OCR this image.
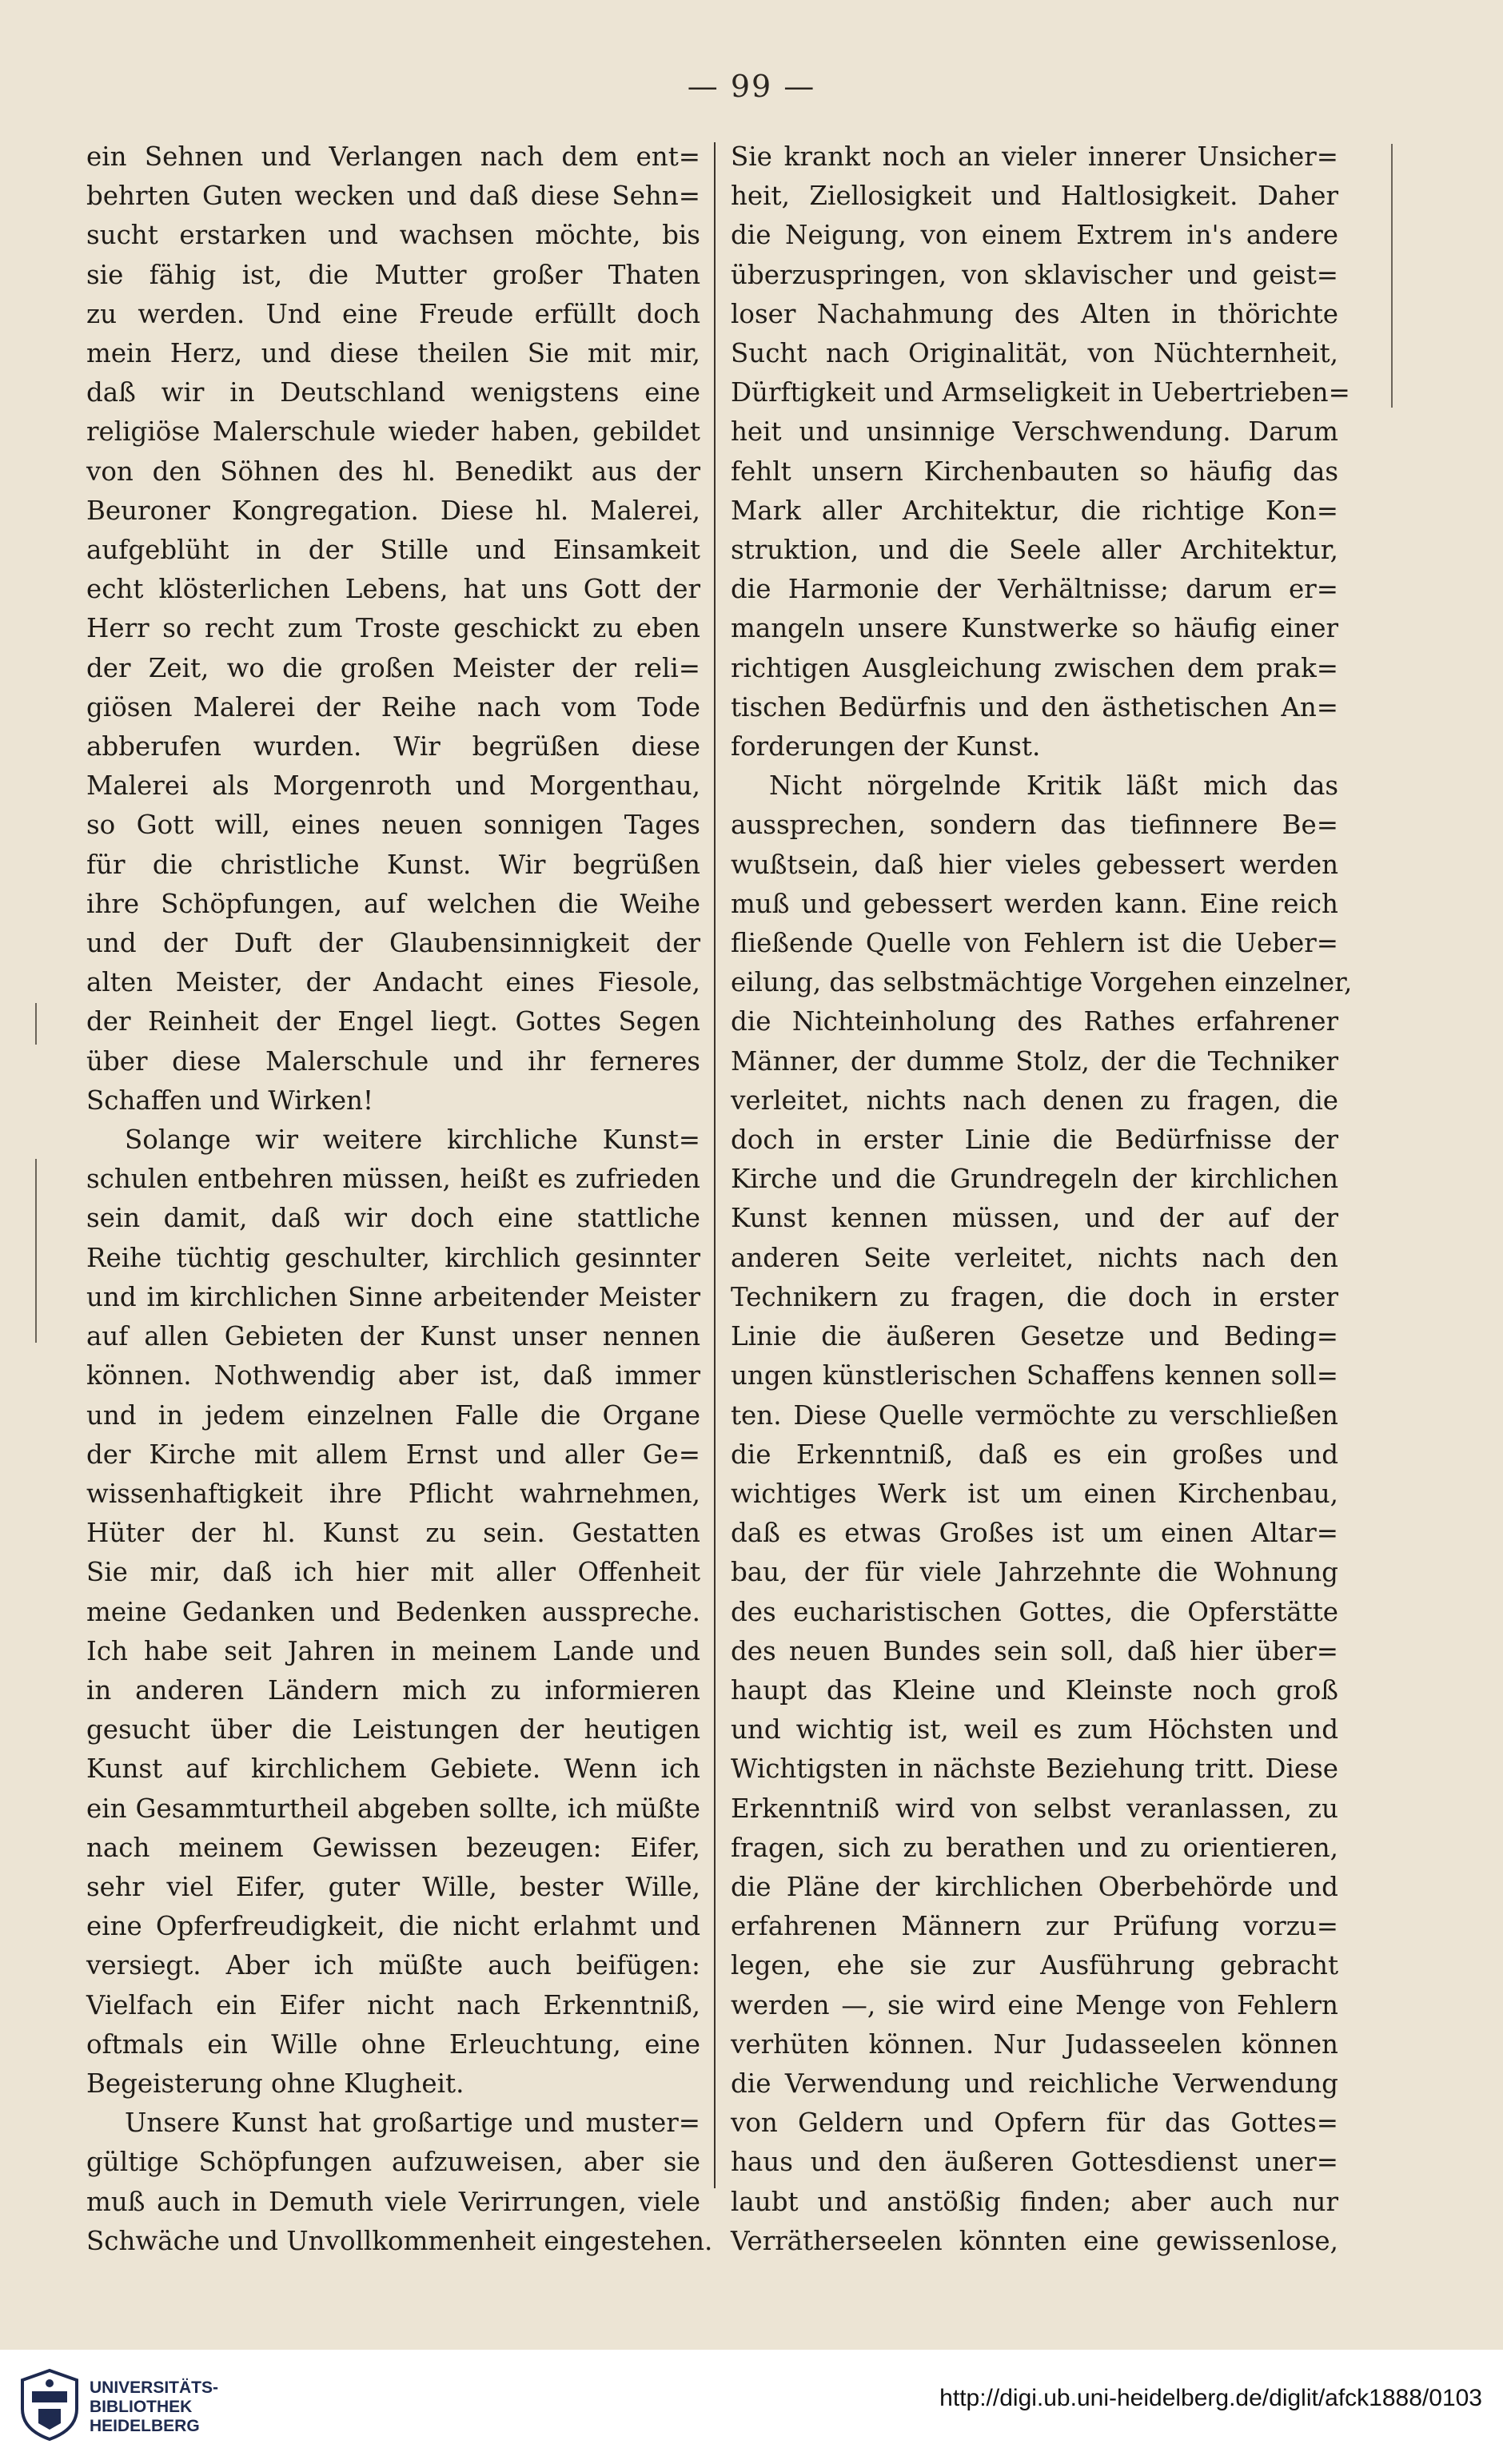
— 99 —
ein Sehnen und Verlangen nach dem ent=
behrten Guten wecken und daß diese Sehn=
sucht erstarken und wachsen möchte, bis
sie fähig ist, die Mutter großer Thaten
zu werden. Und eine Freude erfüllt doch
mein Herz, und diese theilen Sie mit mir,
daß wir in Deutschland wenigstens eine
religiöse Malerschule wieder haben, gebildet
von den Söhnen des hl. Benedikt aus der
Beuroner Kongregation. Diese hl. Malerei,
aufgeblüht in der Stille und Einsamkeit
echt klösterlichen Lebens, hat uns Gott der
Herr so recht zum Troste geschickt zu eben
der Zeit, wo die großen Meister der reli=
giösen Malerei der Reihe nach vom Tode
abberufen wurden. Wir begrüßen diese
Malerei als Morgenroth und Morgenthau,
so Gott will, eines neuen sonnigen Tages
für die christliche Kunst. Wir begrüßen
ihre Schöpfungen, auf welchen die Weihe
und der Duft der Glaubensinnigkeit der
alten Meister, der Andacht eines Fiesole,
der Reinheit der Engel liegt. Gottes Segen
über diese Malerschule und ihr ferneres
Schaffen und Wirken!
Solange wir weitere kirchliche Kunst=
schulen entbehren müssen, heißt es zufrieden
sein damit, daß wir doch eine stattliche
Reihe tüchtig geschulter, kirchlich gesinnter
und im kirchlichen Sinne arbeitender Meister
auf allen Gebieten der Kunst unser nennen
können. Nothwendig aber ist, daß immer
und in jedem einzelnen Falle die Organe
der Kirche mit allem Ernst und aller Ge=
wissenhaftigkeit ihre Pflicht wahrnehmen,
Hüter der hl. Kunst zu sein. Gestatten
Sie mir, daß ich hier mit aller Offenheit
meine Gedanken und Bedenken ausspreche.
Ich habe seit Jahren in meinem Lande und
in anderen Ländern mich zu informieren
gesucht über die Leistungen der heutigen
Kunst auf kirchlichem Gebiete. Wenn ich
ein Gesammturtheil abgeben sollte, ich müßte
nach meinem Gewissen bezeugen: Eifer,
sehr viel Eifer, guter Wille, bester Wille,
eine Opferfreudigkeit, die nicht erlahmt und
versiegt. Aber ich müßte auch beifügen:
Vielfach ein Eifer nicht nach Erkenntniß,
oftmals ein Wille ohne Erleuchtung, eine
Begeisterung ohne Klugheit.
Unsere Kunst hat großartige und muster=
gültige Schöpfungen aufzuweisen, aber sie
muß auch in Demuth viele Verirrungen, viele
Schwäche und Unvollkommenheit eingestehen.
Sie krankt noch an vieler innerer Unsicher=
heit, Ziellosigkeit und Haltlosigkeit. Daher
die Neigung, von einem Extrem in's andere
überzuspringen, von sklavischer und geist=
loser Nachahmung des Alten in thörichte
Sucht nach Originalität, von Nüchternheit,
Dürftigkeit und Armseligkeit in Uebertrieben=
heit und unsinnige Verschwendung. Darum
fehlt unsern Kirchenbauten so häufig das
Mark aller Architektur, die richtige Kon=
struktion, und die Seele aller Architektur,
die Harmonie der Verhältnisse; darum er=
mangeln unsere Kunstwerke so häufig einer
richtigen Ausgleichung zwischen dem prak=
tischen Bedürfnis und den ästhetischen An=
forderungen der Kunst.
Nicht nörgelnde Kritik läßt mich das
aussprechen, sondern das tiefinnere Be=
wußtsein, daß hier vieles gebessert werden
muß und gebessert werden kann. Eine reich
fließende Quelle von Fehlern ist die Ueber=
eilung, das selbstmächtige Vorgehen einzelner,
die Nichteinholung des Rathes erfahrener
Männer, der dumme Stolz, der die Techniker
verleitet, nichts nach denen zu fragen, die
doch in erster Linie die Bedürfnisse der
Kirche und die Grundregeln der kirchlichen
Kunst kennen müssen, und der auf der
anderen Seite verleitet, nichts nach den
Technikern zu fragen, die doch in erster
Linie die äußeren Gesetze und Beding=
ungen künstlerischen Schaffens kennen soll=
ten. Diese Quelle vermöchte zu verschließen
die Erkenntniß, daß es ein großes und
wichtiges Werk ist um einen Kirchenbau,
daß es etwas Großes ist um einen Altar=
bau, der für viele Jahrzehnte die Wohnung
des eucharistischen Gottes, die Opferstätte
des neuen Bundes sein soll, daß hier über=
haupt das Kleine und Kleinste noch groß
und wichtig ist, weil es zum Höchsten und
Wichtigsten in nächste Beziehung tritt. Diese
Erkenntniß wird von selbst veranlassen, zu
fragen, sich zu berathen und zu orientieren,
die Pläne der kirchlichen Oberbehörde und
erfahrenen Männern zur Prüfung vorzu=
legen, ehe sie zur Ausführung gebracht
werden —, sie wird eine Menge von Fehlern
verhüten können. Nur Judasseelen können
die Verwendung und reichliche Verwendung
von Geldern und Opfern für das Gottes=
haus und den äußeren Gottesdienst uner=
laubt und anstößig finden; aber auch nur
Verrätherseelen könnten eine gewissenlose,
UNIVERSITÄTS-
BIBLIOTHEK
HEIDELBERG
http://digi.ub.uni-heidelberg.de/diglit/afck1888/0103
